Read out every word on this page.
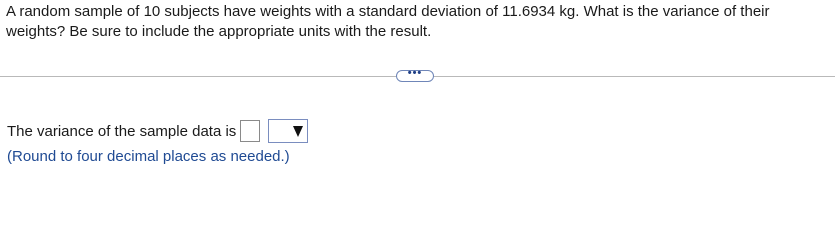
A random sample of 10 subjects have weights with a standard deviation of 11.6934 kg. What is the variance of their weights? Be sure to include the appropriate units with the result.

•••
The variance of the sample data is
(Round to four decimal places as needed.)
